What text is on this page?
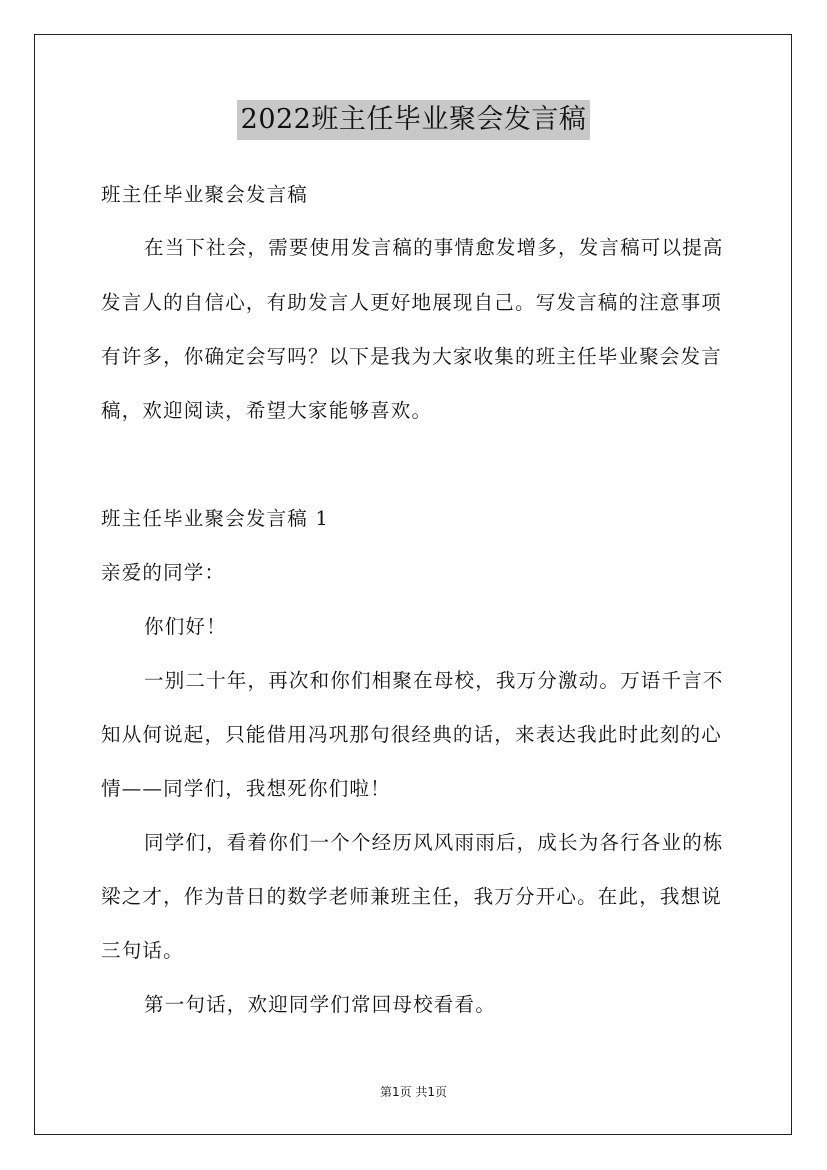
2022班主任毕业聚会发言稿
班主任毕业聚会发言稿
在当下社会，需要使用发言稿的事情愈发增多，发言稿可以提高
发言人的自信心，有助发言人更好地展现自己。写发言稿的注意事项
有许多，你确定会写吗？以下是我为大家收集的班主任毕业聚会发言
稿，欢迎阅读，希望大家能够喜欢。
班主任毕业聚会发言稿 1
亲爱的同学：
你们好！
一别二十年，再次和你们相聚在母校，我万分激动。万语千言不
知从何说起，只能借用冯巩那句很经典的话，来表达我此时此刻的心
情——同学们，我想死你们啦！
同学们，看着你们一个个经历风风雨雨后，成长为各行各业的栋
梁之才，作为昔日的数学老师兼班主任，我万分开心。在此，我想说
三句话。
第一句话，欢迎同学们常回母校看看。
第1页 共1页
